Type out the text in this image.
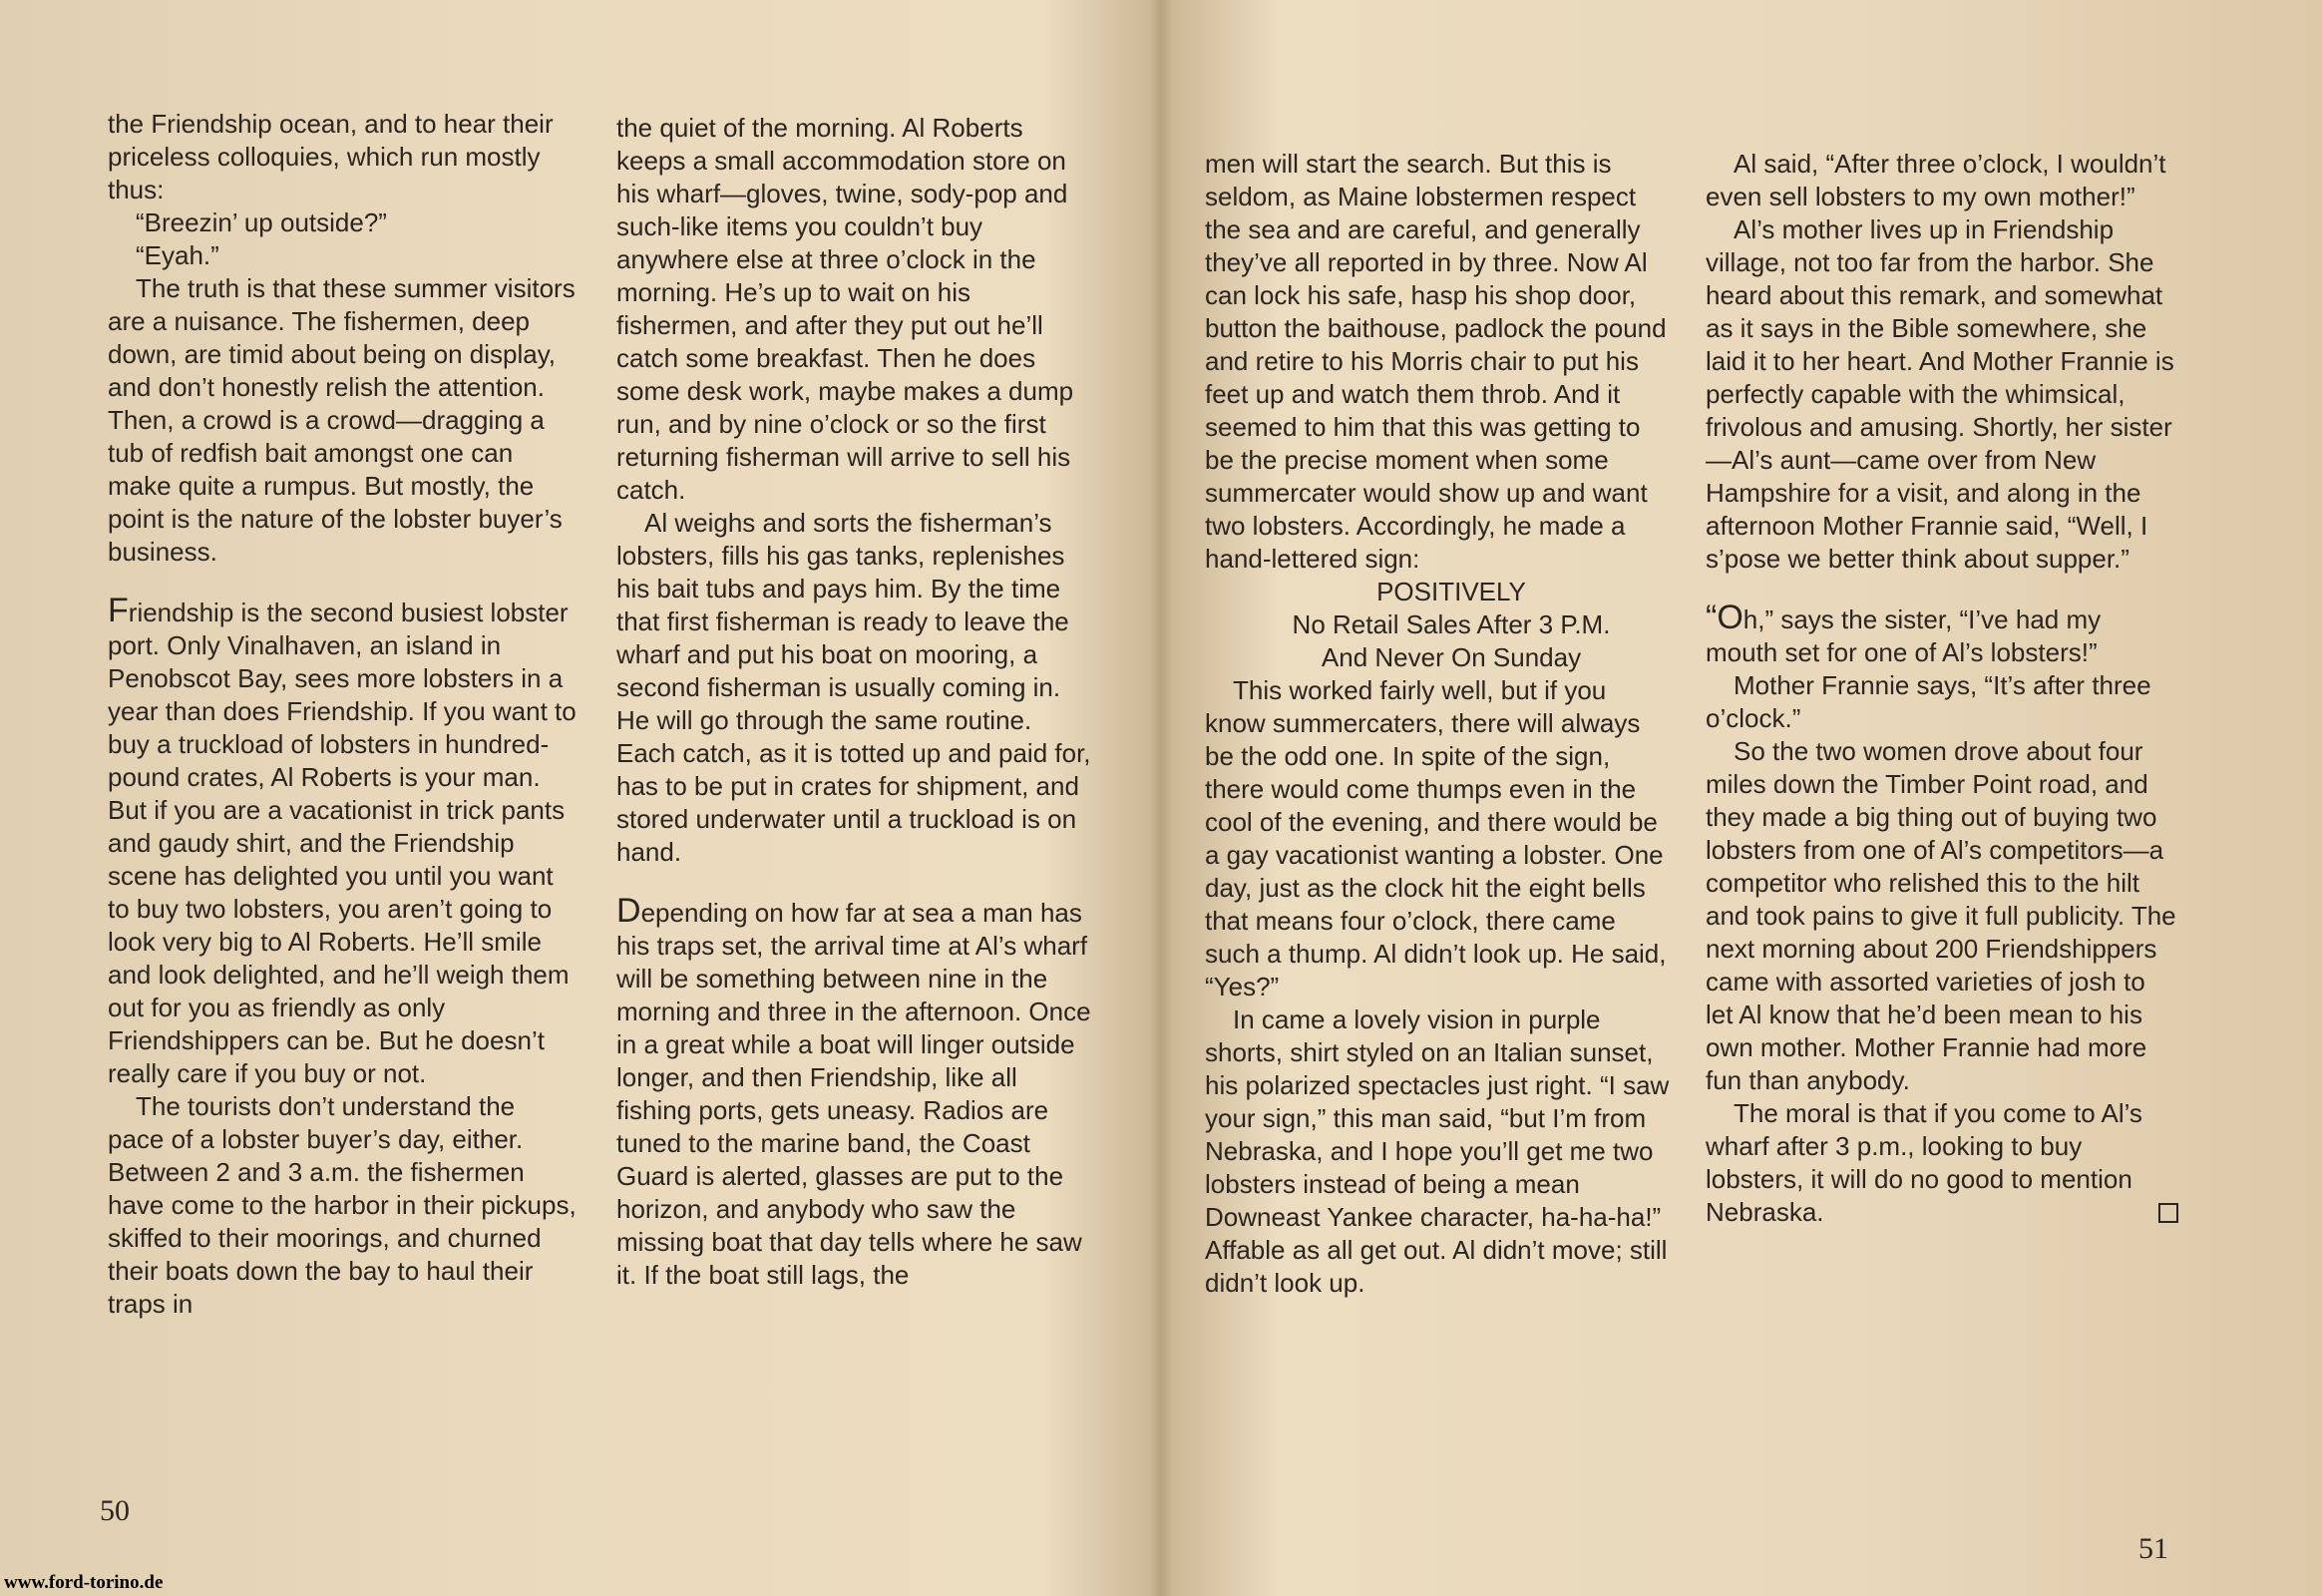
the Friendship ocean, and to hear their priceless colloquies, which run mostly thus:

“Breezin’ up outside?”

“Eyah.”

The truth is that these summer visitors are a nuisance. The fishermen, deep down, are timid about being on display, and don’t honestly relish the attention. Then, a crowd is a crowd—dragging a tub of redfish bait amongst one can make quite a rumpus. But mostly, the point is the nature of the lobster buyer’s business.

Friendship is the second busiest lobster port. Only Vinalhaven, an island in Penobscot Bay, sees more lobsters in a year than does Friendship. If you want to buy a truckload of lobsters in hundred-pound crates, Al Roberts is your man. But if you are a vacationist in trick pants and gaudy shirt, and the Friendship scene has delighted you until you want to buy two lobsters, you aren’t going to look very big to Al Roberts. He’ll smile and look delighted, and he’ll weigh them out for you as friendly as only Friendshippers can be. But he doesn’t really care if you buy or not.

The tourists don’t understand the pace of a lobster buyer’s day, either. Between 2 and 3 a.m. the fishermen have come to the harbor in their pickups, skiffed to their moorings, and churned their boats down the bay to haul their traps in

the quiet of the morning. Al Roberts keeps a small accommodation store on his wharf—gloves, twine, sody-pop and such-like items you couldn’t buy anywhere else at three o’clock in the morning. He’s up to wait on his fishermen, and after they put out he’ll catch some breakfast. Then he does some desk work, maybe makes a dump run, and by nine o’clock or so the first returning fisherman will arrive to sell his catch.

Al weighs and sorts the fisherman’s lobsters, fills his gas tanks, replenishes his bait tubs and pays him. By the time that first fisherman is ready to leave the wharf and put his boat on mooring, a second fisherman is usually coming in. He will go through the same routine. Each catch, as it is totted up and paid for, has to be put in crates for shipment, and stored underwater until a truckload is on hand.

Depending on how far at sea a man has his traps set, the arrival time at Al’s wharf will be something between nine in the morning and three in the afternoon. Once in a great while a boat will linger outside longer, and then Friendship, like all fishing ports, gets uneasy. Radios are tuned to the marine band, the Coast Guard is alerted, glasses are put to the horizon, and anybody who saw the missing boat that day tells where he saw it. If the boat still lags, the

50

men will start the search. But this is seldom, as Maine lobstermen respect the sea and are careful, and generally they’ve all reported in by three. Now Al can lock his safe, hasp his shop door, button the baithouse, padlock the pound and retire to his Morris chair to put his feet up and watch them throb. And it seemed to him that this was getting to be the precise moment when some summercater would show up and want two lobsters. Accordingly, he made a hand-lettered sign:

POSITIVELY

No Retail Sales After 3 P.M.

And Never On Sunday

This worked fairly well, but if you know summercaters, there will always be the odd one. In spite of the sign, there would come thumps even in the cool of the evening, and there would be a gay vacationist wanting a lobster. One day, just as the clock hit the eight bells that means four o’clock, there came such a thump. Al didn’t look up. He said, “Yes?”

In came a lovely vision in purple shorts, shirt styled on an Italian sunset, his polarized spectacles just right. “I saw your sign,” this man said, “but I’m from Nebraska, and I hope you’ll get me two lobsters instead of being a mean Downeast Yankee character, ha-ha-ha!” Affable as all get out. Al didn’t move; still didn’t look up.

Al said, “After three o’clock, I wouldn’t even sell lobsters to my own mother!”

Al’s mother lives up in Friendship village, not too far from the harbor. She heard about this remark, and somewhat as it says in the Bible somewhere, she laid it to her heart. And Mother Frannie is perfectly capable with the whimsical, frivolous and amusing. Shortly, her sister—Al’s aunt—came over from New Hampshire for a visit, and along in the afternoon Mother Frannie said, “Well, I s’pose we better think about supper.”

“Oh,” says the sister, “I’ve had my mouth set for one of Al’s lobsters!”

Mother Frannie says, “It’s after three o’clock.”

So the two women drove about four miles down the Timber Point road, and they made a big thing out of buying two lobsters from one of Al’s competitors—a competitor who relished this to the hilt and took pains to give it full publicity. The next morning about 200 Friendshippers came with assorted varieties of josh to let Al know that he’d been mean to his own mother. Mother Frannie had more fun than anybody.

The moral is that if you come to Al’s wharf after 3 p.m., looking to buy lobsters, it will do no good to mention Nebraska.

51
www.ford-torino.de
